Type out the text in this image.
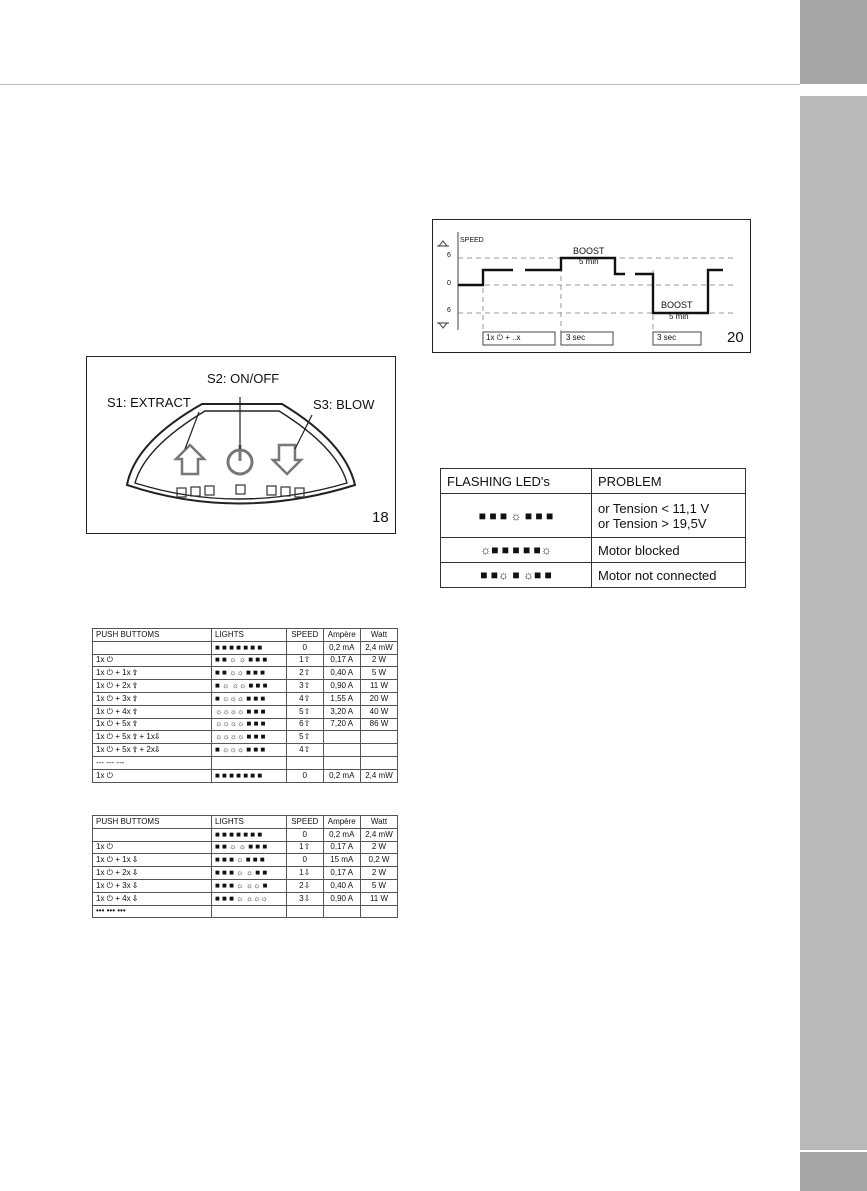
SPEED
6
0
6
BOOST
5 min
BOOST
5 min
1x ⏻ + ..x	3 sec	3 sec	20
S1: EXTRACT
S2: ON/OFF
S3: BLOW
18
FLASHING LED's	PROBLEM
■ ■ ■ ☼ ■ ■ ■	or Tension < 11,1 V
or Tension > 19,5V
☼■ ■ ■ ■ ■☼	Motor blocked
■ ■☼ ■ ☼■ ■	Motor not connected
PUSH BUTTOMS	LIGHTS	SPEED	Ampère	Watt
	■ ■ ■ ■ ■ ■ ■	0	0,2 mA	2,4 mW
1x ⏻	■ ■ ☼ ☼ ■ ■ ■	1⇧	0,17 A	2 W
1x ⏻ + 1x ⇧	■ ■ ☼☼ ■ ■ ■	2⇧	0,40 A	5 W
1x ⏻ + 2x ⇧	■ ☼ ☼☼ ■ ■ ■	3⇧	0,90 A	11 W
1x ⏻ + 3x ⇧	■ ☼☼☼ ■ ■ ■	4⇧	1,55 A	20 W
1x ⏻ + 4x ⇧	☼☼☼☼ ■ ■ ■	5⇧	3,20 A	40 W
1x ⏻ + 5x ⇧	☼☼☼☼ ■ ■ ■	6⇧	7,20 A	86 W
1x ⏻ + 5x ⇧ + 1x⇩	☼☼☼☼ ■ ■ ■	5⇧		
1x ⏻ + 5x ⇧ + 2x⇩	■ ☼☼☼ ■ ■ ■	4⇧		
--- --- ---				
1x ⏻	■ ■ ■ ■ ■ ■ ■	0	0,2 mA	2,4 mW
PUSH BUTTOMS	LIGHTS	SPEED	Ampère	Watt
	■ ■ ■ ■ ■ ■ ■	0	0,2 mA	2,4 mW
1x ⏻	■ ■ ☼ ☼ ■ ■ ■	1⇧	0,17 A	2 W
1x ⏻ + 1x ⇩	■ ■ ■ ☼ ■ ■ ■	0	15 mA	0,2 W
1x ⏻ + 2x ⇩	■ ■ ■ ☼ ☼ ■ ■	1⇩	0,17 A	2 W
1x ⏻ + 3x ⇩	■ ■ ■ ☼ ☼☼ ■	2⇩	0,40 A	5 W
1x ⏻ + 4x ⇩	■ ■ ■ ☼ ☼☼☼	3⇩	0,90 A	11 W
••• ••• •••				
